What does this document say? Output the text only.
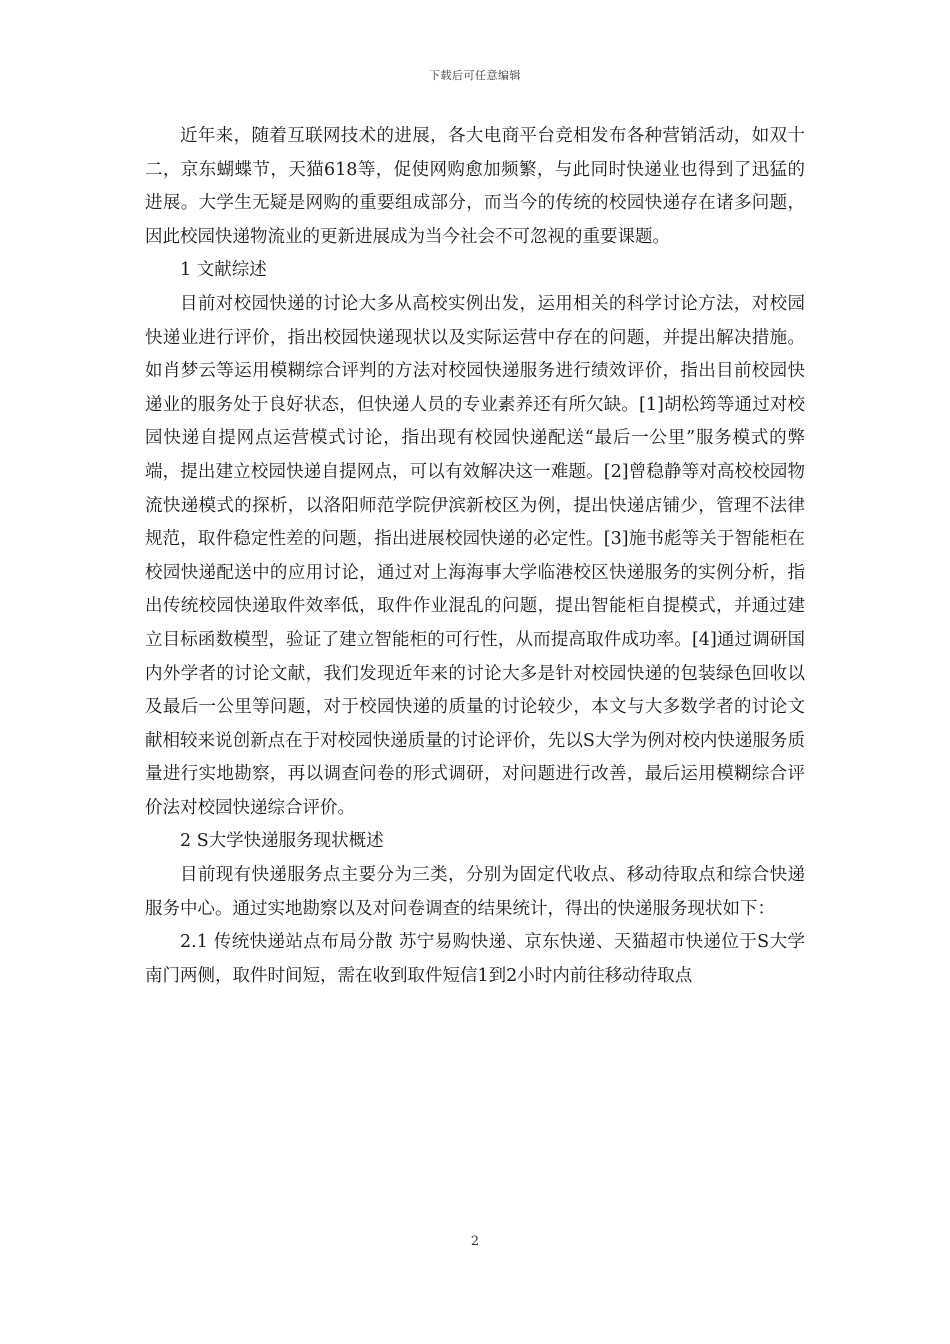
下载后可任意编辑

近年来，随着互联网技术的进展，各大电商平台竞相发布各种营销活动，如双十二，京东蝴蝶节，天猫618等，促使网购愈加频繁，与此同时快递业也得到了迅猛的进展。大学生无疑是网购的重要组成部分，而当今的传统的校园快递存在诸多问题，因此校园快递物流业的更新进展成为当今社会不可忽视的重要课题。

1 文献综述

目前对校园快递的讨论大多从高校实例出发，运用相关的科学讨论方法，对校园快递业进行评价，指出校园快递现状以及实际运营中存在的问题，并提出解决措施。如肖梦云等运用模糊综合评判的方法对校园快递服务进行绩效评价，指出目前校园快递业的服务处于良好状态，但快递人员的专业素养还有所欠缺。[1]胡松筠等通过对校园快递自提网点运营模式讨论，指出现有校园快递配送“最后一公里”服务模式的弊端，提出建立校园快递自提网点，可以有效解决这一难题。[2]曾稳静等对高校校园物流快递模式的探析，以洛阳师范学院伊滨新校区为例，提出快递店铺少，管理不法律规范，取件稳定性差的问题，指出进展校园快递的必定性。[3]施书彪等关于智能柜在校园快递配送中的应用讨论，通过对上海海事大学临港校区快递服务的实例分析，指出传统校园快递取件效率低，取件作业混乱的问题，提出智能柜自提模式，并通过建立目标函数模型，验证了建立智能柜的可行性，从而提高取件成功率。[4]通过调研国内外学者的讨论文献，我们发现近年来的讨论大多是针对校园快递的包装绿色回收以及最后一公里等问题，对于校园快递的质量的讨论较少，本文与大多数学者的讨论文献相较来说创新点在于对校园快递质量的讨论评价，先以S大学为例对校内快递服务质量进行实地勘察，再以调查问卷的形式调研，对问题进行改善，最后运用模糊综合评价法对校园快递综合评价。

2 S大学快递服务现状概述

目前现有快递服务点主要分为三类，分别为固定代收点、移动待取点和综合快递服务中心。通过实地勘察以及对问卷调查的结果统计，得出的快递服务现状如下：

2.1 传统快递站点布局分散 苏宁易购快递、京东快递、天猫超市快递位于S大学南门两侧，取件时间短，需在收到取件短信1到2小时内前往移动待取点

2
